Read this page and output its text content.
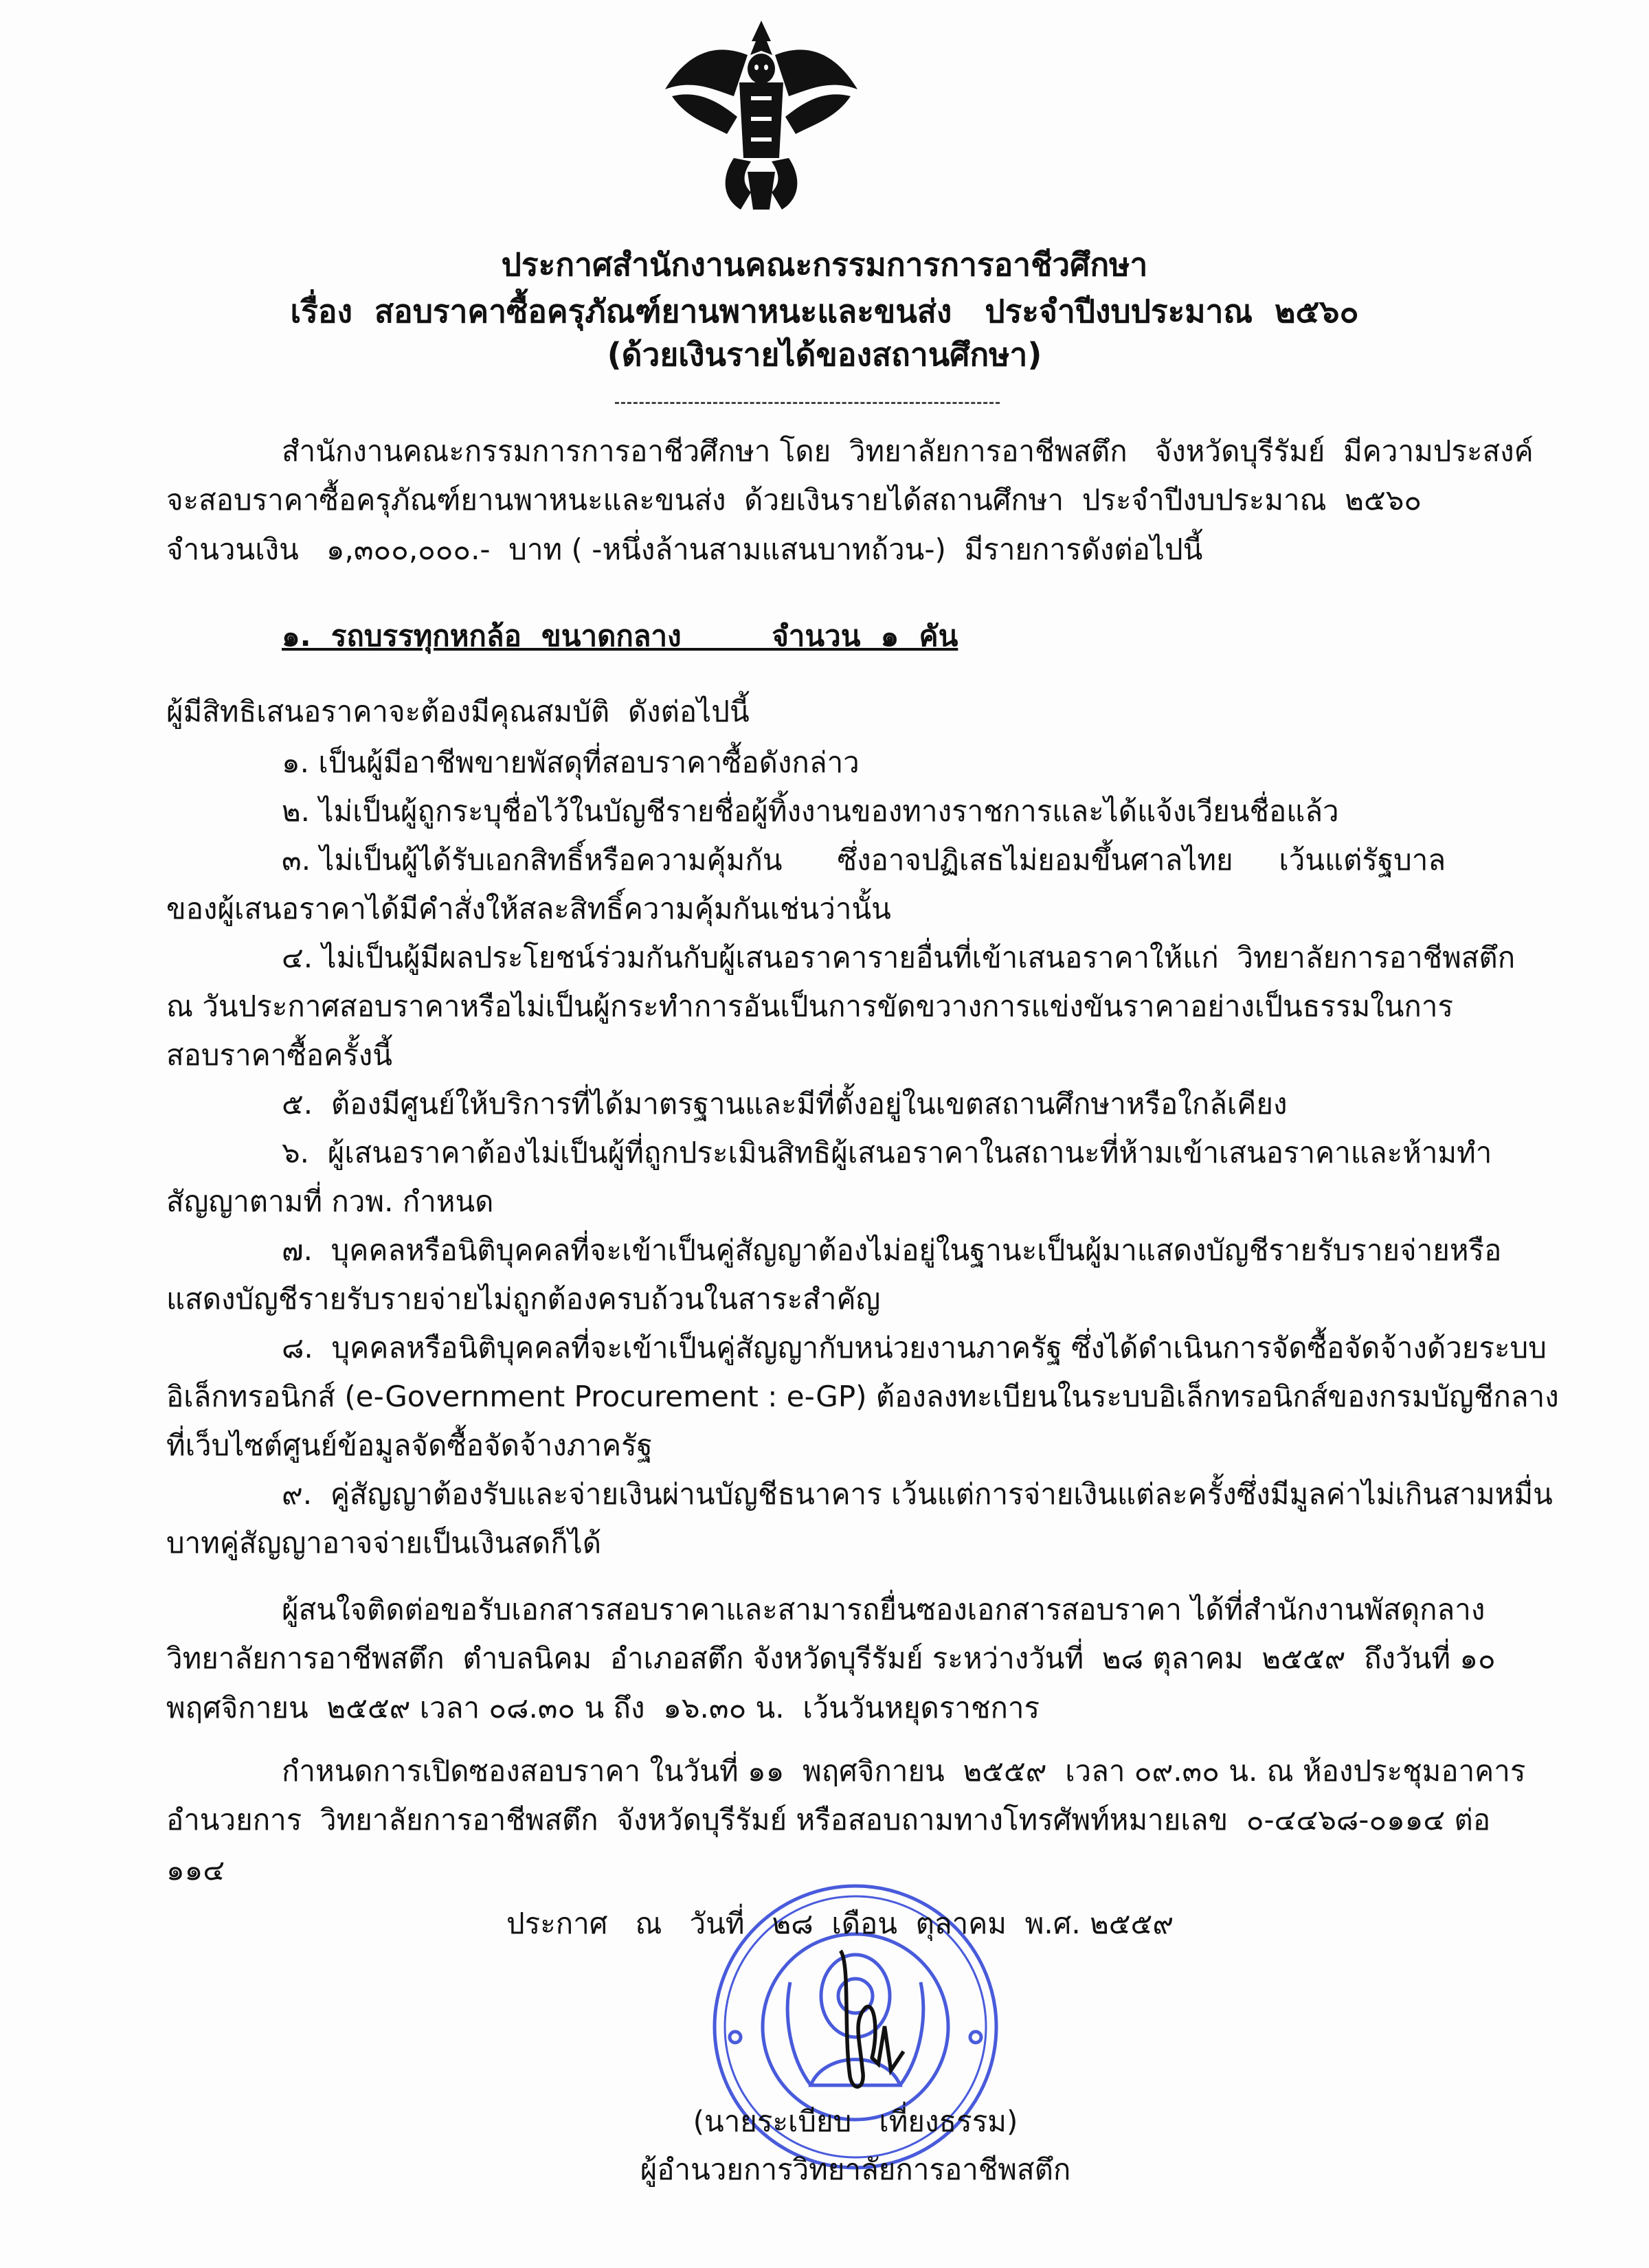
ประกาศสำนักงานคณะกรรมการการอาชีวศึกษา
เรื่อง  สอบราคาซื้อครุภัณฑ์ยานพาหนะและขนส่ง   ประจำปีงบประมาณ  ๒๕๖๐
(ด้วยเงินรายได้ของสถานศึกษา)
สำนักงานคณะกรรมการการอาชีวศึกษา โดย  วิทยาลัยการอาชีพสตึก   จังหวัดบุรีรัมย์  มีความประสงค์
จะสอบราคาซื้อครุภัณฑ์ยานพาหนะและขนส่ง  ด้วยเงินรายได้สถานศึกษา  ประจำปีงบประมาณ  ๒๕๖๐
จำนวนเงิน   ๑,๓๐๐,๐๐๐.-  บาท ( -หนึ่งล้านสามแสนบาทถ้วน-)  มีรายการดังต่อไปนี้
๑.  รถบรรทุกหกล้อ  ขนาดกลาง         จำนวน  ๑  คัน
ผู้มีสิทธิเสนอราคาจะต้องมีคุณสมบัติ  ดังต่อไปนี้
๑. เป็นผู้มีอาชีพขายพัสดุที่สอบราคาซื้อดังกล่าว
๒. ไม่เป็นผู้ถูกระบุชื่อไว้ในบัญชีรายชื่อผู้ทิ้งงานของทางราชการและได้แจ้งเวียนชื่อแล้ว
๓. ไม่เป็นผู้ได้รับเอกสิทธิ์หรือความคุ้มกัน      ซึ่งอาจปฏิเสธไม่ยอมขึ้นศาลไทย     เว้นแต่รัฐบาล
ของผู้เสนอราคาได้มีคำสั่งให้สละสิทธิ์ความคุ้มกันเช่นว่านั้น
๔. ไม่เป็นผู้มีผลประโยชน์ร่วมกันกับผู้เสนอราคารายอื่นที่เข้าเสนอราคาให้แก่  วิทยาลัยการอาชีพสตึก
ณ วันประกาศสอบราคาหรือไม่เป็นผู้กระทำการอันเป็นการขัดขวางการแข่งขันราคาอย่างเป็นธรรมในการ
สอบราคาซื้อครั้งนี้
๕.  ต้องมีศูนย์ให้บริการที่ได้มาตรฐานและมีที่ตั้งอยู่ในเขตสถานศึกษาหรือใกล้เคียง
๖.  ผู้เสนอราคาต้องไม่เป็นผู้ที่ถูกประเมินสิทธิผู้เสนอราคาในสถานะที่ห้ามเข้าเสนอราคาและห้ามทำ
สัญญาตามที่ กวพ. กำหนด
๗.  บุคคลหรือนิติบุคคลที่จะเข้าเป็นคู่สัญญาต้องไม่อยู่ในฐานะเป็นผู้มาแสดงบัญชีรายรับรายจ่ายหรือ
แสดงบัญชีรายรับรายจ่ายไม่ถูกต้องครบถ้วนในสาระสำคัญ
๘.  บุคคลหรือนิติบุคคลที่จะเข้าเป็นคู่สัญญากับหน่วยงานภาครัฐ ซึ่งได้ดำเนินการจัดซื้อจัดจ้างด้วยระบบ
อิเล็กทรอนิกส์ (e-Government Procurement : e-GP) ต้องลงทะเบียนในระบบอิเล็กทรอนิกส์ของกรมบัญชีกลาง
ที่เว็บไซต์ศูนย์ข้อมูลจัดซื้อจัดจ้างภาครัฐ
๙.  คู่สัญญาต้องรับและจ่ายเงินผ่านบัญชีธนาคาร เว้นแต่การจ่ายเงินแต่ละครั้งซึ่งมีมูลค่าไม่เกินสามหมื่น
บาทคู่สัญญาอาจจ่ายเป็นเงินสดก็ได้
ผู้สนใจติดต่อขอรับเอกสารสอบราคาและสามารถยื่นซองเอกสารสอบราคา ได้ที่สำนักงานพัสดุกลาง
วิทยาลัยการอาชีพสตึก  ตำบลนิคม  อำเภอสตึก จังหวัดบุรีรัมย์ ระหว่างวันที่  ๒๘ ตุลาคม  ๒๕๕๙  ถึงวันที่ ๑๐
พฤศจิกายน  ๒๕๕๙ เวลา ๐๘.๓๐ น ถึง  ๑๖.๓๐ น.  เว้นวันหยุดราชการ
กำหนดการเปิดซองสอบราคา ในวันที่ ๑๑  พฤศจิกายน  ๒๕๕๙  เวลา ๐๙.๓๐ น. ณ ห้องประชุมอาคาร
อำนวยการ  วิทยาลัยการอาชีพสตึก  จังหวัดบุรีรัมย์ หรือสอบถามทางโทรศัพท์หมายเลข  ๐-๔๔๖๘-๐๑๑๔ ต่อ
๑๑๔
ประกาศ   ณ   วันที่   ๒๘  เดือน  ตุลาคม  พ.ศ. ๒๕๕๙
(นายระเบียบ   เที่ยงธรรม)
ผู้อำนวยการวิทยาลัยการอาชีพสตึก
